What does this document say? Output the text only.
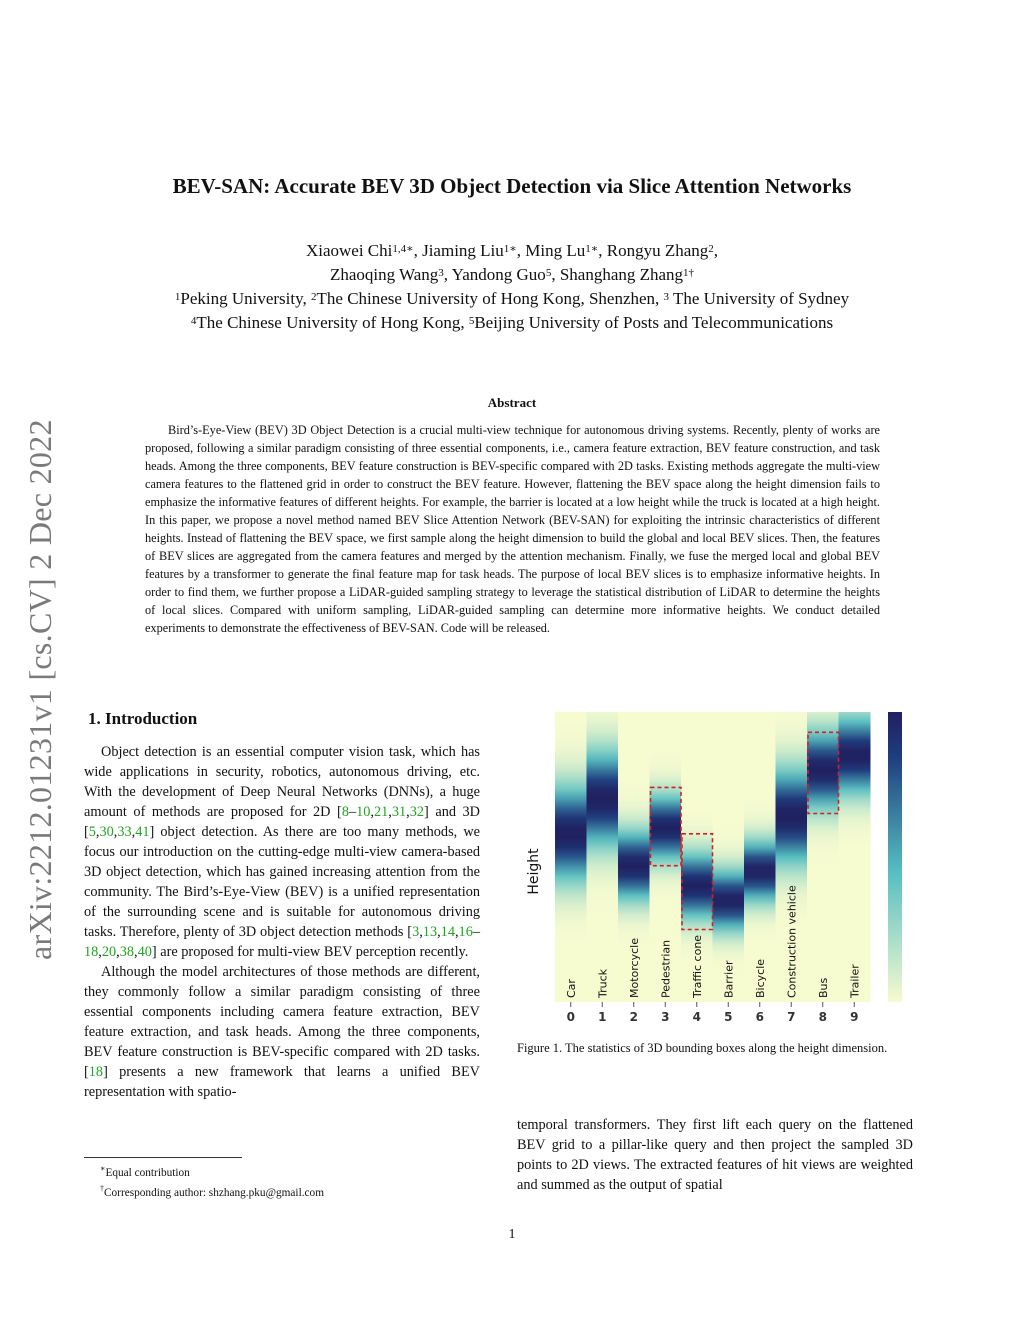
arXiv:2212.01231v1 [cs.CV] 2 Dec 2022
BEV-SAN: Accurate BEV 3D Object Detection via Slice Attention Networks
Xiaowei Chi$^{1,4∗}$, Jiaming Liu$^{1∗}$, Ming $Lu^{1∗}$, Rongyu Zhang$^2$,
Zhaoqing Wang$^3$, Yandong Guo$^5$, Shanghang Zhang$^{1\dagger}$
$^1$Peking University, $^2$The Chinese University of Hong Kong, Shenzhen, $^3$ The University of Sydney
$^4$The Chinese University of Hong Kong, $^5$Beijing University of Posts and Telecommunications
Abstract

Bird’s-Eye-View (BEV) 3D Object Detection is a crucial multi-view technique for autonomous driving systems. Recently, plenty of works are proposed, following a similar paradigm consisting of three essential components, i.e., camera feature extraction, BEV feature construction, and task heads. Among the three components, BEV feature construction is BEV-specific compared with 2D tasks. Existing methods aggregate the multi-view camera features to the flattened grid in order to construct the BEV feature. However, flattening the BEV space along the height dimension fails to emphasize the informative features of different heights. For example, the barrier is located at a low height while the truck is located at a high height. In this paper, we propose a novel method named BEV Slice Attention Network (BEV-SAN) for exploiting the intrinsic characteristics of different heights. Instead of flattening the BEV space, we first sample along the height dimension to build the global and local BEV slices. Then, the features of BEV slices are aggregated from the camera features and merged by the attention mechanism. Finally, we fuse the merged local and global BEV features by a transformer to generate the final feature map for task heads. The purpose of local BEV slices is to emphasize informative heights. In order to find them, we further propose a LiDAR-guided sampling strategy to leverage the statistical distribution of LiDAR to determine the heights of local slices. Compared with uniform sampling, LiDAR-guided sampling can determine more informative heights. We conduct detailed experiments to demonstrate the effectiveness of BEV-SAN. Code will be released.

1. Introduction

Object detection is an essential computer vision task, which has wide applications in security, robotics, autonomous driving, etc. With the development of Deep Neural Networks (DNNs), a huge amount of methods are proposed for 2D [8–10,21,31,32] and 3D [5,30,33,41] object detection. As there are too many methods, we focus our introduction on the cutting-edge multi-view camera-based 3D object detection, which has gained increasing attention from the community. The Bird’s-Eye-View (BEV) is a unified representation of the surrounding scene and is suitable for autonomous driving tasks. Therefore, plenty of 3D object detection methods [3,13,14,16–18,20,38,40] are proposed for multi-view BEV perception recently.

Although the model architectures of those methods are different, they commonly follow a similar paradigm consisting of three essential components including camera feature extraction, BEV feature extraction, and task heads. Among the three components, BEV feature construction is BEV-specific compared with 2D tasks. [18] presents a new framework that learns a unified BEV representation with spatio-

∗Equal contribution
†Corresponding author: shzhang.pku@gmail.com
Car Truck Motorcycle Pedestrian Traffic cone Barrier Bicycle Construction vehicle Bus Trailer
0 1 2 3 4 5 6 7 8 9
Height
Figure 1. The statistics of 3D bounding boxes along the height dimension.

temporal transformers. They first lift each query on the flattened BEV grid to a pillar-like query and then project the sampled 3D points to 2D views. The extracted features of hit views are weighted and summed as the output of spatial

1
